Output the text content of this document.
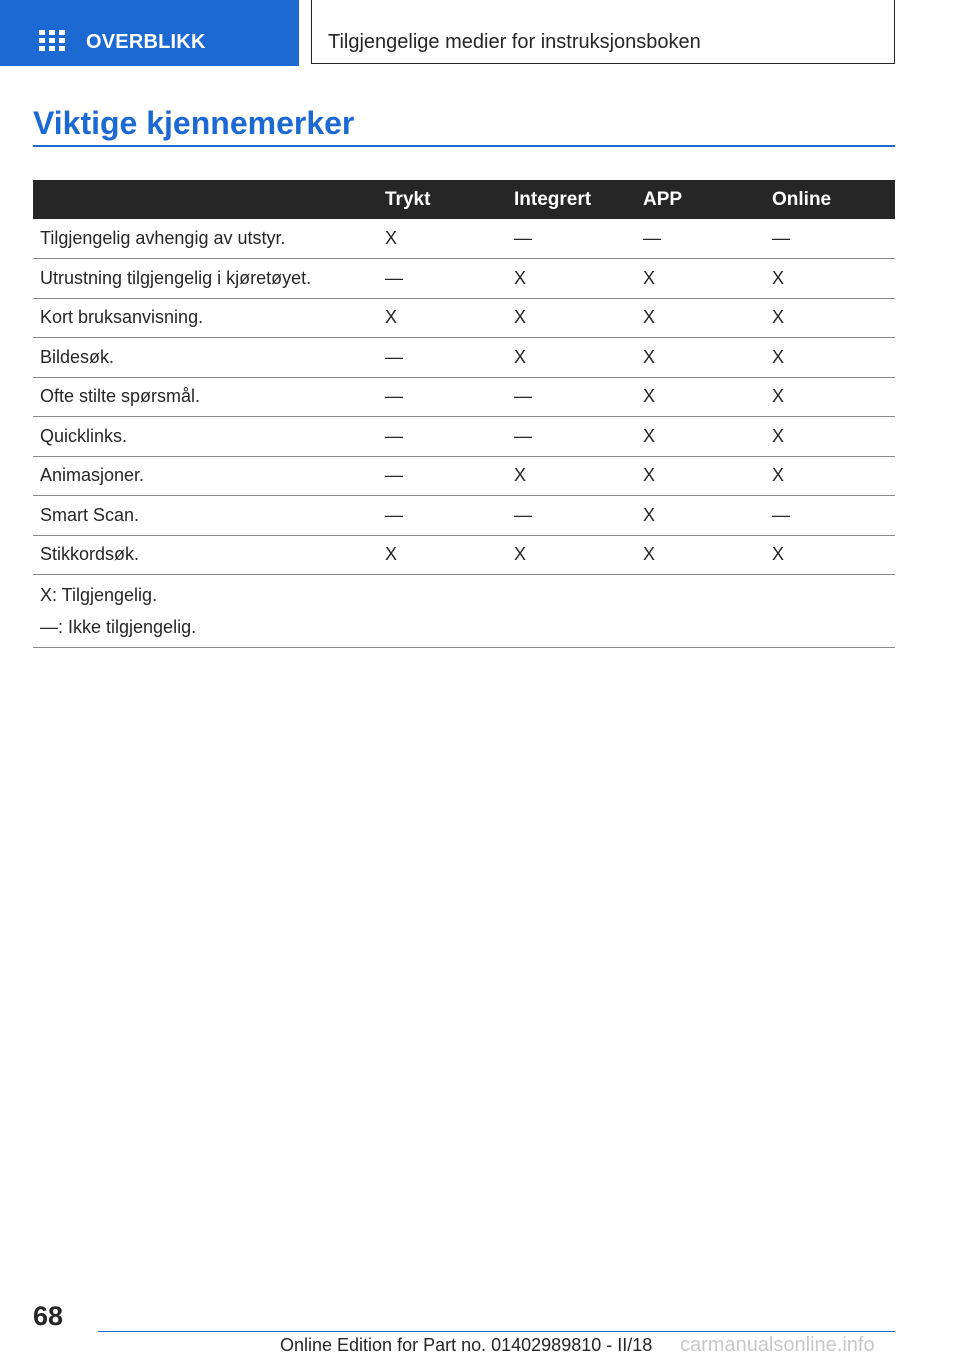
OVERBLIKK	Tilgjengelige medier for instruksjonsboken
Viktige kjennemerker
	Trykt	Integrert	APP	Online
Tilgjengelig avhengig av utstyr.	X	—	—	—
Utrustning tilgjengelig i kjøretøyet.	—	X	X	X
Kort bruksanvisning.	X	X	X	X
Bildesøk.	—	X	X	X
Ofte stilte spørsmål.	—	—	X	X
Quicklinks.	—	—	X	X
Animasjoner.	—	X	X	X
Smart Scan.	—	—	X	—
Stikkordsøk.	X	X	X	X

X: Tilgjengelig.
—: Ikke tilgjengelig.				
68
Online Edition for Part no. 01402989810 - II/18 carmanualsonline.info
